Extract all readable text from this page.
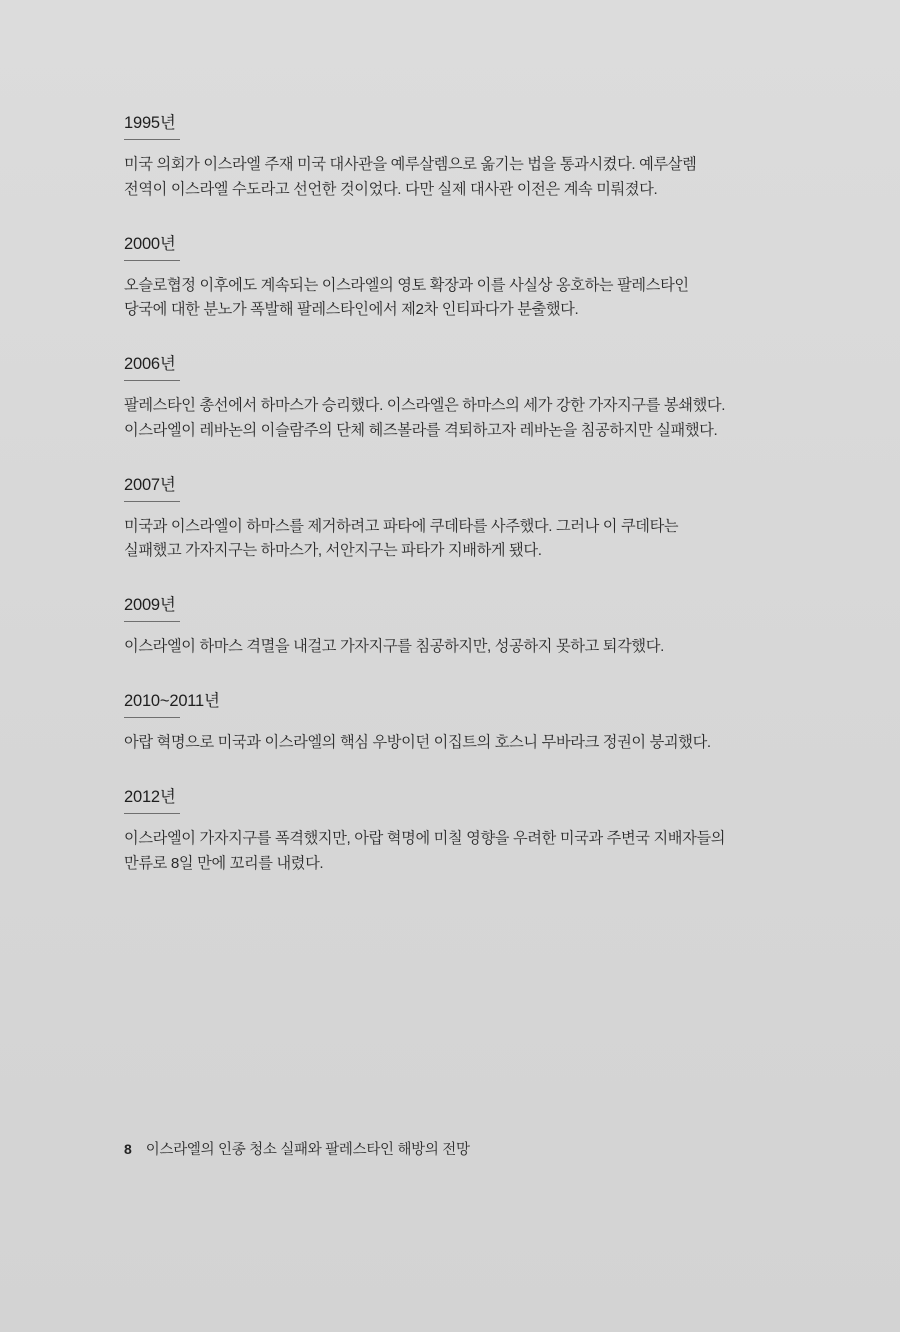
1995년

미국 의회가 이스라엘 주재 미국 대사관을 예루살렘으로 옮기는 법을 통과시켰다. 예루살렘 전역이 이스라엘 수도라고 선언한 것이었다. 다만 실제 대사관 이전은 계속 미뤄졌다.

2000년

오슬로협정 이후에도 계속되는 이스라엘의 영토 확장과 이를 사실상 옹호하는 팔레스타인 당국에 대한 분노가 폭발해 팔레스타인에서 제2차 인티파다가 분출했다.

2006년

팔레스타인 총선에서 하마스가 승리했다. 이스라엘은 하마스의 세가 강한 가자지구를 봉쇄했다.

이스라엘이 레바논의 이슬람주의 단체 헤즈볼라를 격퇴하고자 레바논을 침공하지만 실패했다.

2007년

미국과 이스라엘이 하마스를 제거하려고 파타에 쿠데타를 사주했다. 그러나 이 쿠데타는 실패했고 가자지구는 하마스가, 서안지구는 파타가 지배하게 됐다.

2009년

이스라엘이 하마스 격멸을 내걸고 가자지구를 침공하지만, 성공하지 못하고 퇴각했다.

2010~2011년

아랍 혁명으로 미국과 이스라엘의 핵심 우방이던 이집트의 호스니 무바라크 정권이 붕괴했다.

2012년

이스라엘이 가자지구를 폭격했지만, 아랍 혁명에 미칠 영향을 우려한 미국과 주변국 지배자들의 만류로 8일 만에 꼬리를 내렸다.

8 이스라엘의 인종 청소 실패와 팔레스타인 해방의 전망
